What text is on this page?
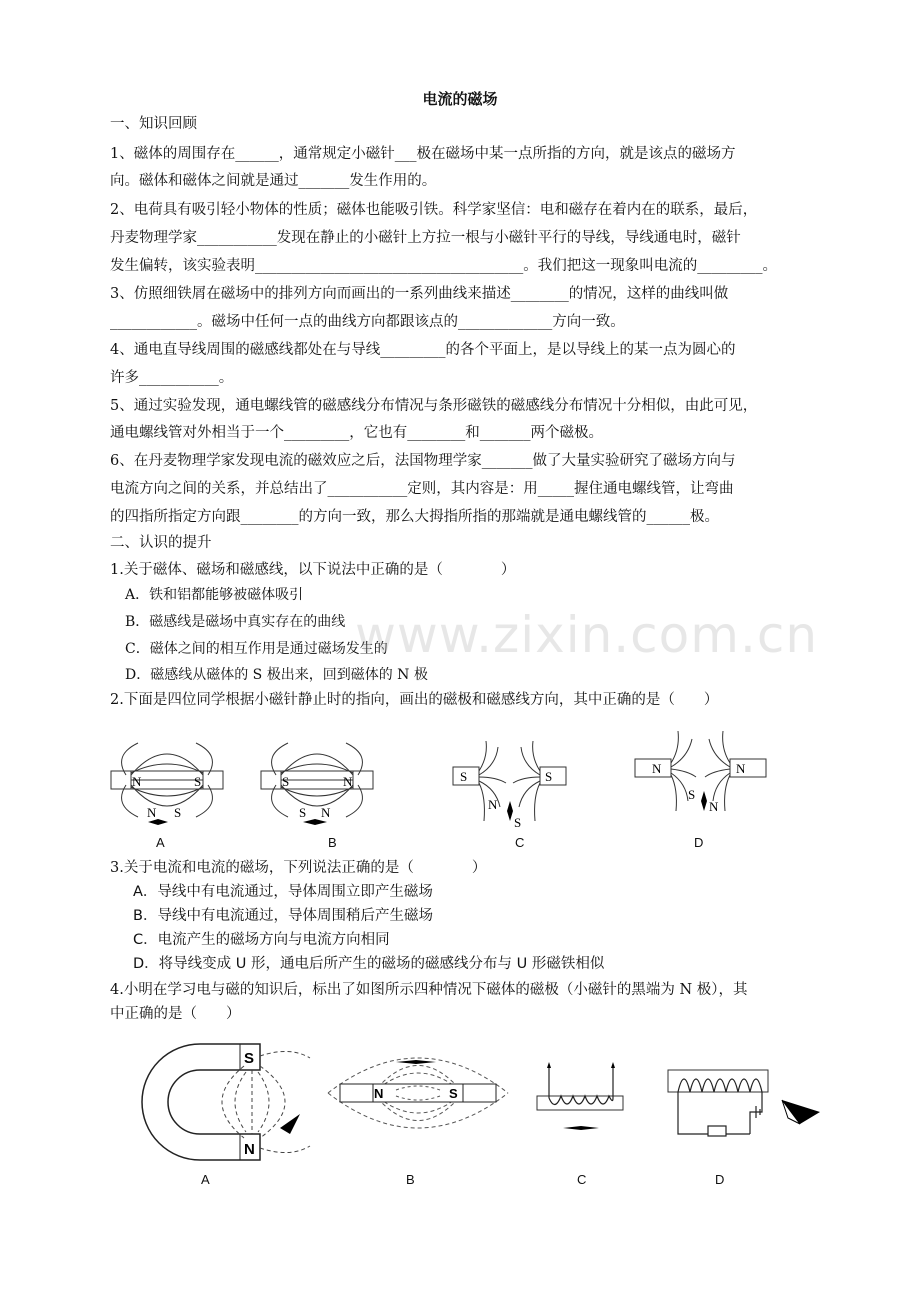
电流的磁场
一、知识回顾
1、磁体的周围存在______，通常规定小磁针___极在磁场中某一点所指的方向，就是该点的磁场方
向。磁体和磁体之间就是通过_______发生作用的。
2、电荷具有吸引轻小物体的性质；磁体也能吸引铁。科学家坚信：电和磁存在着内在的联系，最后，
丹麦物理学家___________发现在静止的小磁针上方拉一根与小磁针平行的导线，导线通电时，磁针
发生偏转，该实验表明_____________________________________。我们把这一现象叫电流的_________。
3、仿照细铁屑在磁场中的排列方向而画出的一系列曲线来描述________的情况，这样的曲线叫做
____________。磁场中任何一点的曲线方向都跟该点的_____________方向一致。
4、通电直导线周围的磁感线都处在与导线_________的各个平面上，是以导线上的某一点为圆心的
许多___________。
5、通过实验发现，通电螺线管的磁感线分布情况与条形磁铁的磁感线分布情况十分相似，由此可见，
通电螺线管对外相当于一个_________，它也有________和_______两个磁极。
6、在丹麦物理学家发现电流的磁效应之后，法国物理学家_______做了大量实验研究了磁场方向与
电流方向之间的关系，并总结出了___________定则，其内容是：用_____握住通电螺线管，让弯曲
的四指所指定方向跟________的方向一致，那么大拇指所指的那端就是通电螺线管的______极。
二、认识的提升
1.关于磁体、磁场和磁感线，以下说法中正确的是（　　　　）
A．铁和铝都能够被磁体吸引
B．磁感线是磁场中真实存在的曲线
C．磁体之间的相互作用是通过磁场发生的
D．磁感线从磁体的 S 极出来，回到磁体的 N 极
2.下面是四位同学根据小磁针静止时的指向，画出的磁极和磁感线方向，其中正确的是（　　）
N	S
N S
A
S	N
S N
B
S	S
N
S
C
N	N
S
N
D
3.关于电流和电流的磁场，下列说法正确的是（　　　　）
A．导线中有电流通过，导体周围立即产生磁场
B．导线中有电流通过，导体周围稍后产生磁场
C．电流产生的磁场方向与电流方向相同
D．将导线变成 U 形，通电后所产生的磁场的磁感线分布与 U 形磁铁相似
4.小明在学习电与磁的知识后，标出了如图所示四种情况下磁体的磁极（小磁针的黑端为 N 极），其
中正确的是（　　）
S
N
A
N	S
B	C	D
www.zixin.com.cn
